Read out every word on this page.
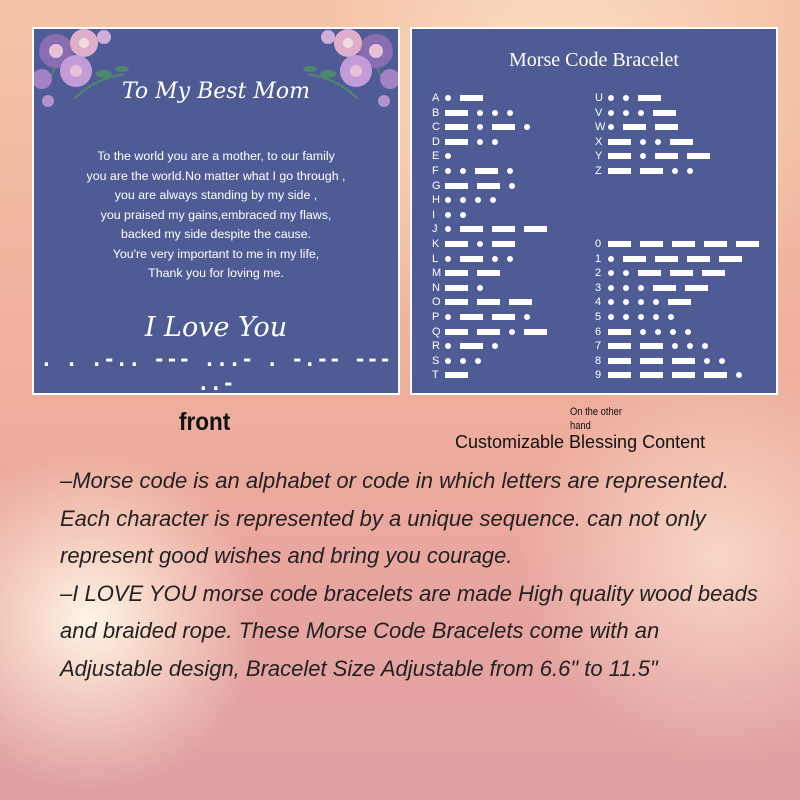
To My Best Mom
To the world you are a mother, to our family
you are the world.No matter what I go through ,
you are always standing by my side ,
you praised my gains,embraced my flaws,
backed my side despite the cause.
You're very important to me in my life,
Thank you for loving me.
I Love You
. . .-.. --- ...- . -.-- --- ..-
Morse Code Bracelet
A
B
C
D
E
F
G
H
I
J
K
L
M
N
O
P
Q
R
S
T
U
V
W
X
Y
Z
0
1
2
3
4
5
6
7
8
9
front	On the other hand
Customizable Blessing Content

–Morse code is an alphabet or code in which letters are represented. Each character is represented by a unique sequence. can not only represent good wishes and bring you courage.

–I LOVE YOU morse code bracelets are made High quality wood beads and braided rope. These Morse Code Bracelets come with an Adjustable design, Bracelet Size Adjustable from 6.6" to 11.5"
